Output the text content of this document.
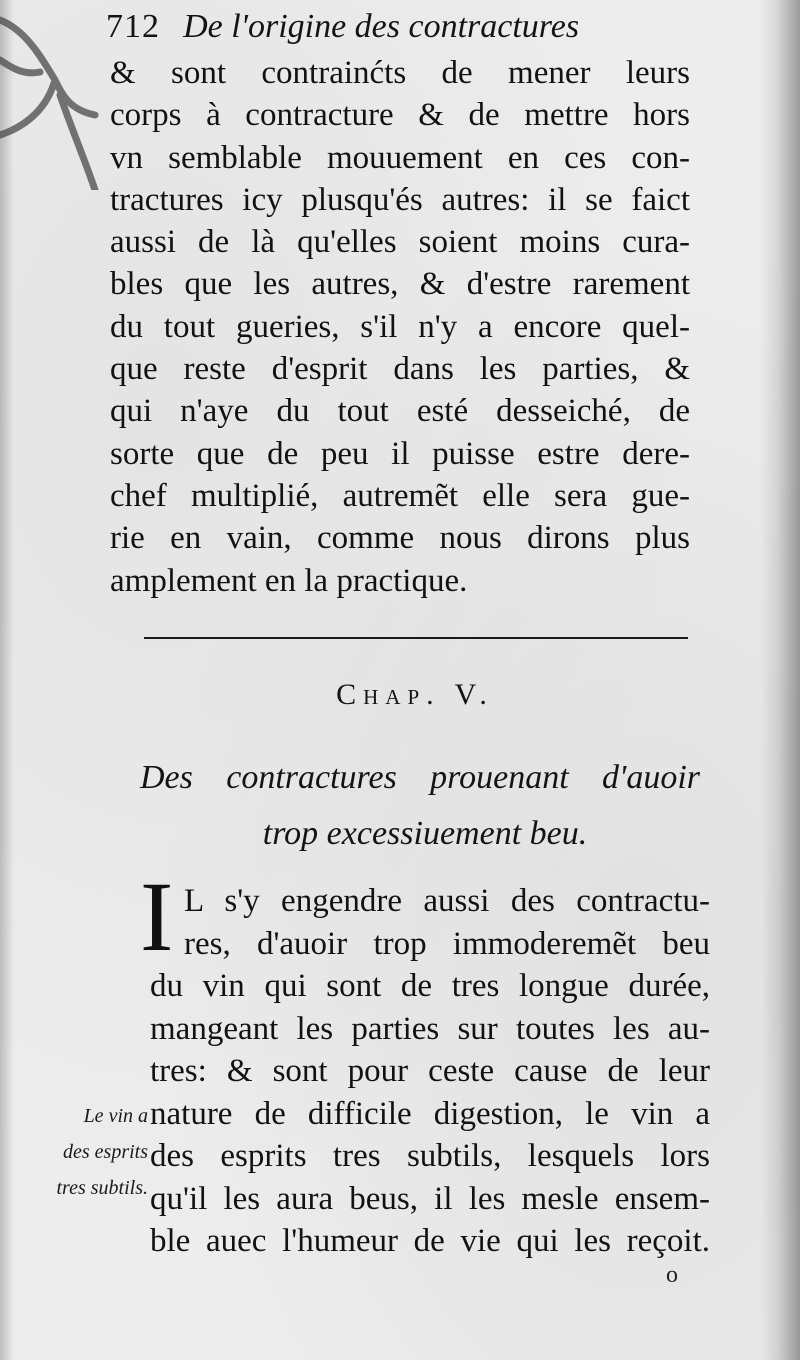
712 De l'origine des contractures
& sont contrainćts de mener leurs
corps à contracture & de mettre hors
vn semblable mouuement en ces con-
tractures icy plusqu'és autres: il se faict
aussi de là qu'elles soient moins cura-
bles que les autres, & d'estre rarement
du tout gueries, s'il n'y a encore quel-
que reste d'esprit dans les parties, &
qui n'aye du tout esté desseiché, de
sorte que de peu il puisse estre dere-
chef multiplié, autremẽt elle sera gue-
rie en vain, comme nous dirons plus
amplement en la practique.
Chap. V.
Des contractures prouenant d'auoir
trop excessiuement beu.
I L s'y engendre aussi des contractu-
res, d'auoir trop immoderemẽt beu
du vin qui sont de tres longue durée,
mangeant les parties sur toutes les au-
tres: & sont pour ceste cause de leur
nature de difficile digestion, le vin a
des esprits tres subtils, lesquels lors
qu'il les aura beus, il les mesle ensem-
ble auec l'humeur de vie qui les reçoit.
Le vin a
des esprits
tres subtils.
o
